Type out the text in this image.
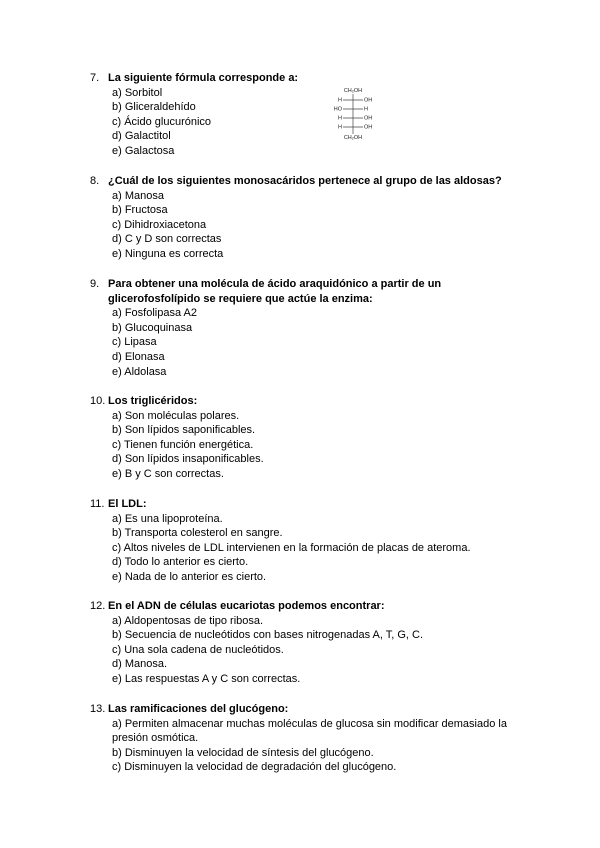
7. La siguiente fórmula corresponde a:
a) Sorbitol
b) Gliceraldehído
c) Ácido glucurónico
d) Galactitol
e) Galactosa
CH₂OH
H	OH
HO	H
H	OH
H	OH
CH₂OH
8. ¿Cuál de los siguientes monosacáridos pertenece al grupo de las aldosas?
a) Manosa
b) Fructosa
c) Dihidroxiacetona
d) C y D son correctas
e) Ninguna es correcta
9. Para obtener una molécula de ácido araquidónico a partir de un glicerofosfolípido se requiere que actúe la enzima:
a) Fosfolipasa A2
b) Glucoquinasa
c) Lipasa
d) Elonasa
e) Aldolasa
10. Los triglicéridos:
a) Son moléculas polares.
b) Son lípidos saponificables.
c) Tienen función energética.
d) Son lípidos insaponificables.
e) B y C son correctas.
11. El LDL:
a) Es una lipoproteína.
b) Transporta colesterol en sangre.
c) Altos niveles de LDL intervienen en la formación de placas de ateroma.
d) Todo lo anterior es cierto.
e) Nada de lo anterior es cierto.
12. En el ADN de células eucariotas podemos encontrar:
a) Aldopentosas de tipo ribosa.
b) Secuencia de nucleótidos con bases nitrogenadas A, T, G, C.
c) Una sola cadena de nucleótidos.
d) Manosa.
e) Las respuestas A y C son correctas.
13. Las ramificaciones del glucógeno:
a) Permiten almacenar muchas moléculas de glucosa sin modificar demasiado la presión osmótica.
b) Disminuyen la velocidad de síntesis del glucógeno.
c) Disminuyen la velocidad de degradación del glucógeno.
